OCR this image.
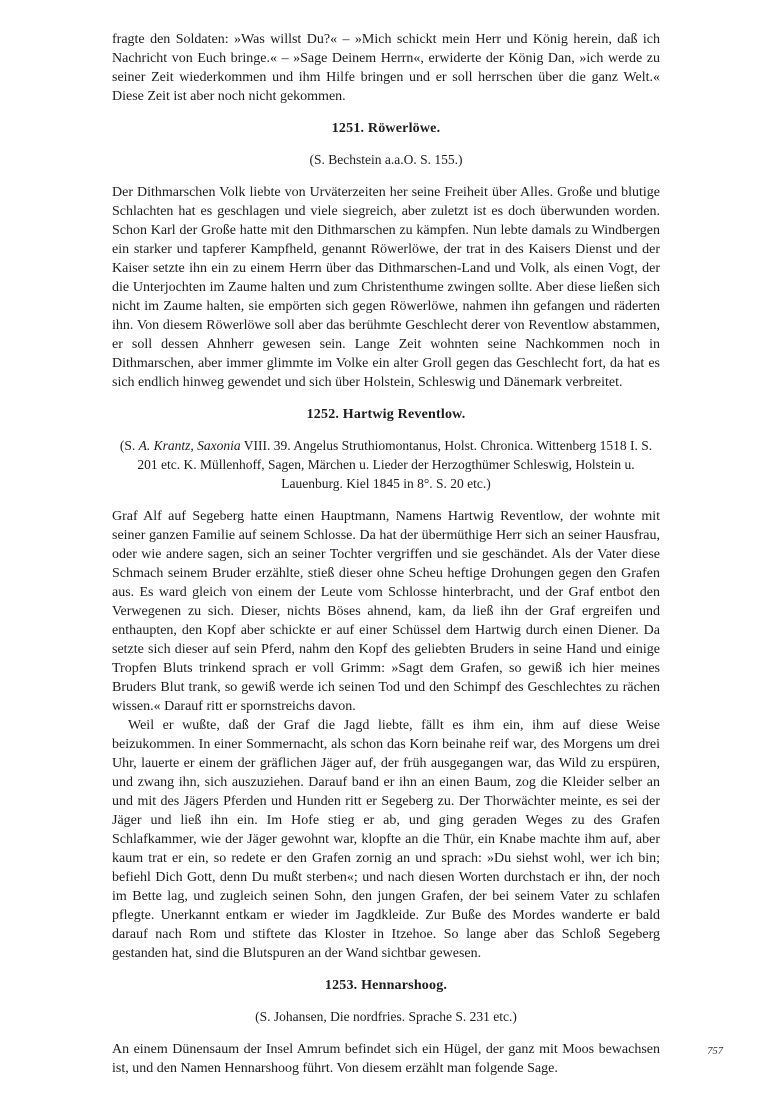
fragte den Soldaten: »Was willst Du?« – »Mich schickt mein Herr und König herein, daß ich Nachricht von Euch bringe.« – »Sage Deinem Herrn«, erwiderte der König Dan, »ich werde zu seiner Zeit wiederkommen und ihm Hilfe bringen und er soll herrschen über die ganz Welt.« Diese Zeit ist aber noch nicht gekommen.

1251. Röwerlöwe.

(S. Bechstein a.a.O. S. 155.)

Der Dithmarschen Volk liebte von Urväterzeiten her seine Freiheit über Alles. Große und blutige Schlachten hat es geschlagen und viele siegreich, aber zuletzt ist es doch überwunden worden. Schon Karl der Große hatte mit den Dithmarschen zu kämpfen. Nun lebte damals zu Windbergen ein starker und tapferer Kampfheld, genannt Röwerlöwe, der trat in des Kaisers Dienst und der Kaiser setzte ihn ein zu einem Herrn über das Dithmarschen-Land und Volk, als einen Vogt, der die Unterjochten im Zaume halten und zum Christenthume zwingen sollte. Aber diese ließen sich nicht im Zaume halten, sie empörten sich gegen Röwerlöwe, nahmen ihn gefangen und räderten ihn. Von diesem Röwerlöwe soll aber das berühmte Geschlecht derer von Reventlow abstammen, er soll dessen Ahnherr gewesen sein. Lange Zeit wohnten seine Nachkommen noch in Dithmarschen, aber immer glimmte im Volke ein alter Groll gegen das Geschlecht fort, da hat es sich endlich hinweg gewendet und sich über Holstein, Schleswig und Dänemark verbreitet.

1252. Hartwig Reventlow.

(S. A. Krantz, Saxonia VIII. 39. Angelus Struthiomontanus, Holst. Chronica. Wittenberg 1518 I. S. 201 etc. K. Müllenhoff, Sagen, Märchen u. Lieder der Herzogthümer Schleswig, Holstein u. Lauenburg. Kiel 1845 in 8°. S. 20 etc.)

Graf Alf auf Segeberg hatte einen Hauptmann, Namens Hartwig Reventlow, der wohnte mit seiner ganzen Familie auf seinem Schlosse. Da hat der übermüthige Herr sich an seiner Hausfrau, oder wie andere sagen, sich an seiner Tochter vergriffen und sie geschändet. Als der Vater diese Schmach seinem Bruder erzählte, stieß dieser ohne Scheu heftige Drohungen gegen den Grafen aus. Es ward gleich von einem der Leute vom Schlosse hinterbracht, und der Graf entbot den Verwegenen zu sich. Dieser, nichts Böses ahnend, kam, da ließ ihn der Graf ergreifen und enthaupten, den Kopf aber schickte er auf einer Schüssel dem Hartwig durch einen Diener. Da setzte sich dieser auf sein Pferd, nahm den Kopf des geliebten Bruders in seine Hand und einige Tropfen Bluts trinkend sprach er voll Grimm: »Sagt dem Grafen, so gewiß ich hier meines Bruders Blut trank, so gewiß werde ich seinen Tod und den Schimpf des Geschlechtes zu rächen wissen.« Darauf ritt er spornstreichs davon.

Weil er wußte, daß der Graf die Jagd liebte, fällt es ihm ein, ihm auf diese Weise beizukommen. In einer Sommernacht, als schon das Korn beinahe reif war, des Morgens um drei Uhr, lauerte er einem der gräflichen Jäger auf, der früh ausgegangen war, das Wild zu erspüren, und zwang ihn, sich auszuziehen. Darauf band er ihn an einen Baum, zog die Kleider selber an und mit des Jägers Pferden und Hunden ritt er Segeberg zu. Der Thorwächter meinte, es sei der Jäger und ließ ihn ein. Im Hofe stieg er ab, und ging geraden Weges zu des Grafen Schlafkammer, wie der Jäger gewohnt war, klopfte an die Thür, ein Knabe machte ihm auf, aber kaum trat er ein, so redete er den Grafen zornig an und sprach: »Du siehst wohl, wer ich bin; befiehl Dich Gott, denn Du mußt sterben«; und nach diesen Worten durchstach er ihn, der noch im Bette lag, und zugleich seinen Sohn, den jungen Grafen, der bei seinem Vater zu schlafen pflegte. Unerkannt entkam er wieder im Jagdkleide. Zur Buße des Mordes wanderte er bald darauf nach Rom und stiftete das Kloster in Itzehoe. So lange aber das Schloß Segeberg gestanden hat, sind die Blutspuren an der Wand sichtbar gewesen.

1253. Hennarshoog.

(S. Johansen, Die nordfries. Sprache S. 231 etc.)

An einem Dünensaum der Insel Amrum befindet sich ein Hügel, der ganz mit Moos bewachsen ist, und den Namen Hennarshoog führt. Von diesem erzählt man folgende Sage.

757
